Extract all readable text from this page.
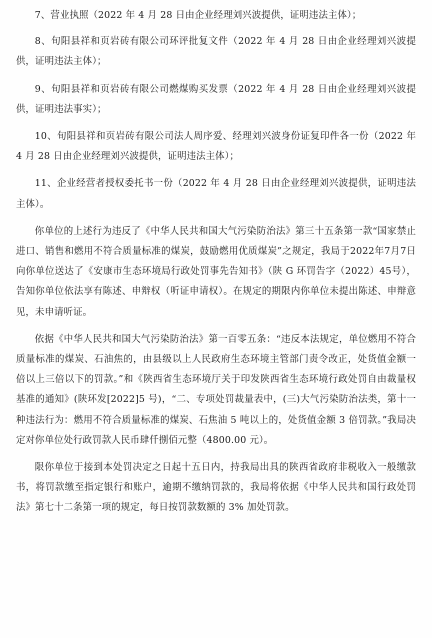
7、营业执照（2022 年 4 月 28 日由企业经理刘兴波提供，证明违法主体）；

8、旬阳县祥和页岩砖有限公司环评批复文件（2022 年 4 月 28 日由企业经理刘兴波提供，证明违法主体）；

9、旬阳县祥和页岩砖有限公司燃煤购买发票（2022 年 4 月 28 日由企业经理刘兴波提供，证明违法事实）；

10、旬阳县祥和页岩砖有限公司法人周序爱、经理刘兴波身份证复印件各一份（2022 年 4 月 28 日由企业经理刘兴波提供，证明违法主体）；

11、企业经营者授权委托书一份（2022 年 4 月 28 日由企业经理刘兴波提供，证明违法主体）。

你单位的上述行为违反了《中华人民共和国大气污染防治法》第三十五条第一款“国家禁止进口、销售和燃用不符合质量标准的煤炭，鼓励燃用优质煤炭”之规定，我局于2022年7月7日向你单位送达了《安康市生态环境局行政处罚事先告知书》（陕 G 环罚告字（2022）45号），告知你单位依法享有陈述、申辩权（听证申请权）。在规定的期限内你单位未提出陈述、申辩意见，未申请听证。

依据《中华人民共和国大气污染防治法》第一百零五条：“违反本法规定，单位燃用不符合质量标准的煤炭、石油焦的，由县级以上人民政府生态环境主管部门责令改正，处货值金额一倍以上三倍以下的罚款。”和《陕西省生态环境厅关于印发陕西省生态环境行政处罚自由裁量权基准的通知》(陕环发[2022]5 号)，“二、专项处罚裁量表中，(三)大气污染防治法类，第十一种违法行为：燃用不符合质量标准的煤炭、石焦油 5 吨以上的，处货值金额 3 倍罚款。”我局决定对你单位处行政罚款人民币肆仟捌佰元整（4800.00 元）。

限你单位于接到本处罚决定之日起十五日内，持我局出具的陕西省政府非税收入一般缴款书，将罚款缴至指定银行和账户，逾期不缴纳罚款的，我局将依据《中华人民共和国行政处罚法》第七十二条第一项的规定，每日按罚款数额的 3% 加处罚款。
